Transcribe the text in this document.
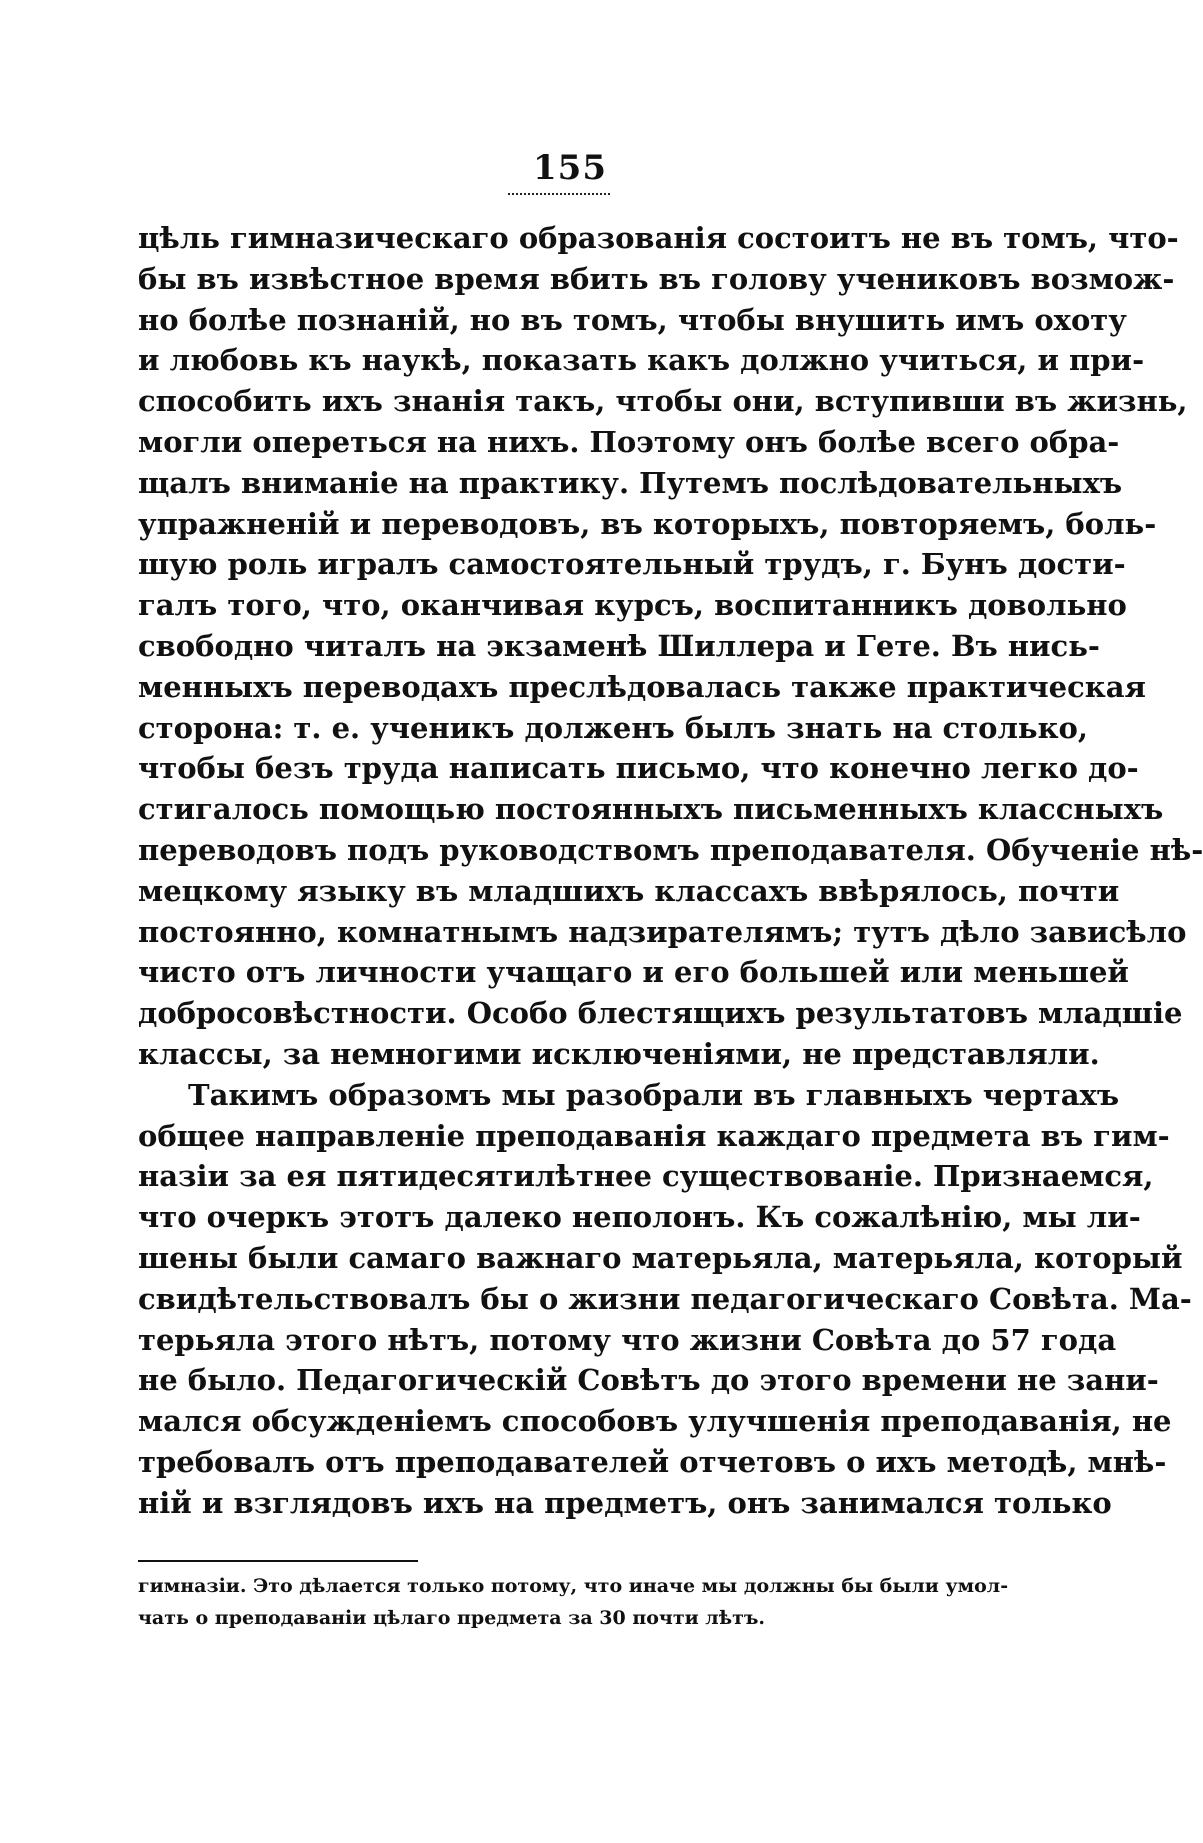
155
цѣль гимназическаго образованія состоитъ не въ томъ, что-
бы въ извѣстное время вбить въ голову учениковъ возмож-
но болѣе познаній, но въ томъ, чтобы внушить имъ охоту
и любовь къ наукѣ, показать какъ должно учиться, и при-
способить ихъ знанія такъ, чтобы они, вступивши въ жизнь,
могли опереться на нихъ. Поэтому онъ болѣе всего обра-
щалъ вниманіе на практику. Путемъ послѣдовательныхъ
упражненій и переводовъ, въ которыхъ, повторяемъ, боль-
шую роль игралъ самостоятельный трудъ, г. Бунъ дости-
галъ того, что, оканчивая курсъ, воспитанникъ довольно
свободно читалъ на экзаменѣ Шиллера и Гете. Въ нись-
менныхъ переводахъ преслѣдовалась также практическая
сторона: т. е. ученикъ долженъ былъ знать на столько,
чтобы безъ труда написать письмо, что конечно легко до-
стигалось помощью постоянныхъ письменныхъ классныхъ
переводовъ подъ руководствомъ преподавателя. Обученіе нѣ-
мецкому языку въ младшихъ классахъ ввѣрялось, почти
постоянно, комнатнымъ надзирателямъ; тутъ дѣло зависѣло
чисто отъ личности учащаго и его большей или меньшей
добросовѣстности. Особо блестящихъ результатовъ младшіе
классы, за немногими исключеніями, не представляли.
Такимъ образомъ мы разобрали въ главныхъ чертахъ
общее направленіе преподаванія каждаго предмета въ гим-
назіи за ея пятидесятилѣтнее существованіе. Признаемся,
что очеркъ этотъ далеко неполонъ. Къ сожалѣнію, мы ли-
шены были самаго важнаго матерьяла, матерьяла, который
свидѣтельствовалъ бы о жизни педагогическаго Совѣта. Ма-
терьяла этого нѣтъ, потому что жизни Совѣта до 57 года
не было. Педагогическій Совѣтъ до этого времени не зани-
мался обсужденіемъ способовъ улучшенія преподаванія, не
требовалъ отъ преподавателей отчетовъ о ихъ методѣ, мнѣ-
ній и взглядовъ ихъ на предметъ, онъ занимался только
гимназіи. Это дѣлается только потому, что иначе мы должны бы были умол-
чать о преподаваніи цѣлаго предмета за 30 почти лѣтъ.
